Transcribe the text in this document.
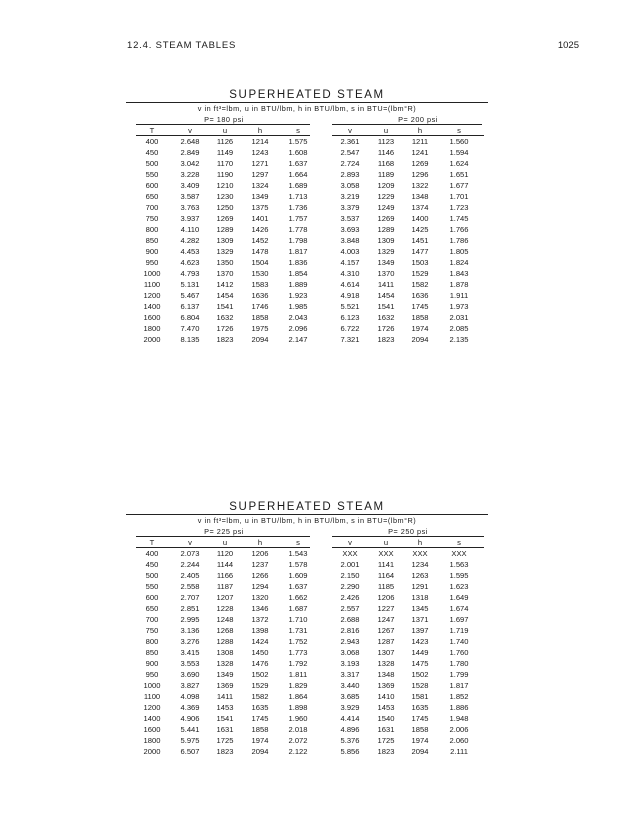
12.4. STEAM TABLES	1025
SUPERHEATED STEAM
v in ft³=lbm, u in BTU/lbm, h in BTU/lbm, s in BTU=(lbm°R)
P= 180 psi	P= 200 psi
T	v	u	h	s	v	u	h	s
400	2.648 1126 1214	1.575	2.361 1123 1211	1.560
450	2.849 1149 1243	1.608	2.547 1146 1241	1.594
500	3.042 1170 1271	1.637	2.724 1168 1269	1.624
550	3.228 1190 1297	1.664	2.893 1189 1296	1.651
600	3.409 1210 1324	1.689	3.058 1209 1322	1.677
650	3.587 1230 1349	1.713	3.219 1229 1348	1.701
700	3.763 1250 1375	1.736	3.379 1249 1374	1.723
750	3.937 1269 1401	1.757	3.537 1269 1400	1.745
800	4.110 1289 1426	1.778	3.693 1289 1425	1.766
850	4.282 1309 1452	1.798	3.848 1309 1451	1.786
900	4.453 1329 1478	1.817	4.003 1329 1477	1.805
950	4.623 1350 1504	1.836	4.157 1349 1503	1.824
1000	4.793 1370 1530	1.854	4.310 1370 1529	1.843
1100	5.131 1412 1583	1.889	4.614 1411 1582	1.878
1200	5.467 1454 1636	1.923	4.918 1454 1636	1.911
1400	6.137 1541 1746	1.985	5.521 1541 1745	1.973
1600	6.804 1632 1858	2.043	6.123 1632 1858	2.031
1800	7.470 1726 1975	2.096	6.722 1726 1974	2.085
2000	8.135 1823 2094	2.147	7.321 1823 2094	2.135
SUPERHEATED STEAM
v in ft³=lbm, u in BTU/lbm, h in BTU/lbm, s in BTU=(lbm°R)
P= 225 psi	P= 250 psi
T	v	u	h	s	v	u	h	s
400	2.073 1120 1206	1.543	XXX	XXX XXX	XXX
450	2.244 1144 1237	1.578	2.001 1141 1234	1.563
500	2.405 1166 1266	1.609	2.150 1164 1263	1.595
550	2.558 1187 1294	1.637	2.290 1185 1291	1.623
600	2.707 1207 1320	1.662	2.426 1206 1318	1.649
650	2.851 1228 1346	1.687	2.557 1227 1345	1.674
700	2.995 1248 1372	1.710	2.688 1247 1371	1.697
750	3.136 1268 1398	1.731	2.816 1267 1397	1.719
800	3.276 1288 1424	1.752	2.943 1287 1423	1.740
850	3.415 1308 1450	1.773	3.068 1307 1449	1.760
900	3.553 1328 1476	1.792	3.193 1328 1475	1.780
950	3.690 1349 1502	1.811	3.317 1348 1502	1.799
1000	3.827 1369 1529	1.829	3.440 1369 1528	1.817
1100	4.098 1411 1582	1.864	3.685 1410 1581	1.852
1200	4.369 1453 1635	1.898	3.929 1453 1635	1.886
1400	4.906 1541 1745	1.960	4.414 1540 1745	1.948
1600	5.441 1631 1858	2.018	4.896 1631 1858	2.006
1800	5.975 1725 1974	2.072	5.376 1725 1974	2.060
2000	6.507 1823 2094	2.122	5.856 1823 2094	2.111
